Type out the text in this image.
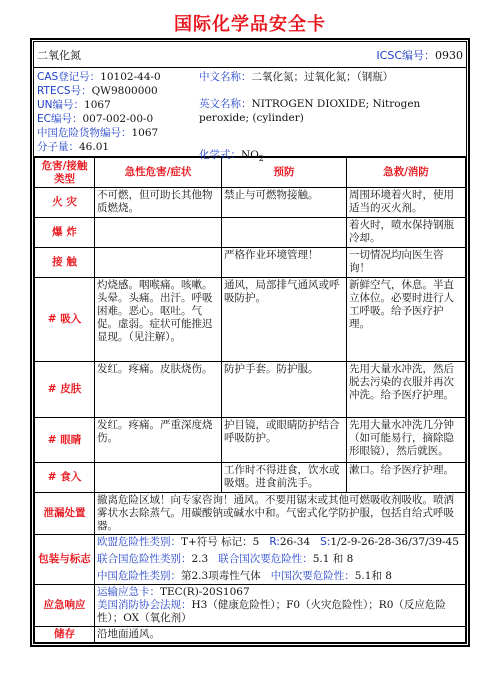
国际化学品安全卡
二氧化氮	ICSC编号：0930
CAS登记号：10102-44-0
RTECS号：QW9800000
UN编号：1067
EC编号：007-002-00-0
中国危险货物编号：1067
分子量：46.01
中文名称：二氧化氮；过氧化氮；（钢瓶）
英文名称：NITROGEN DIOXIDE; Nitrogen peroxide; (cylinder)
化学式：$NO_2$
危害/接触类型	急性危害/症状	预防	急救/消防
火 灾	不可燃，但可助长其他物质燃烧。	禁止与可燃物接触。	周围环境着火时，使用适当的灭火剂。
爆 炸			着火时，喷水保持钢瓶冷却。
接 触		严格作业环境管理！	一切情况均向医生咨询！
# 吸入	灼烧感。咽喉痛。咳嗽。头晕。头痛。出汗。呼吸困难。恶心。呕吐。气促。虚弱。症状可能推迟显现。（见注解）。	通风，局部排气通风或呼吸防护。	新鲜空气，休息。半直立体位。必要时进行人工呼吸。给予医疗护理。
# 皮肤	发红。疼痛。皮肤烧伤。	防护手套。防护服。	先用大量水冲洗，然后脱去污染的衣服并再次冲洗。给予医疗护理。
# 眼睛	发红。疼痛。严重深度烧伤。	护目镜，或眼睛防护结合呼吸防护。	先用大量水冲洗几分钟（如可能易行，摘除隐形眼镜），然后就医。
# 食入		工作时不得进食，饮水或吸烟。进食前洗手。	漱口。给予医疗护理。
泄漏处置	撤离危险区域！向专家咨询！通风。不要用锯末或其他可燃吸收剂吸收。喷洒雾状水去除蒸气。用碳酸钠或碱水中和。气密式化学防护服，包括自给式呼吸器。		
包装与标志	欧盟危险性类别：T+符号 标记：5 R:26-34 S:1/2-9-26-28-36/37/39-45
联合国危险性类别：2.3 联合国次要危险性：5.1 和 8
中国危险性类别：第2.3项毒性气体 中国次要危险性：5.1和 8		

应急响应	运输应急卡：TEC(R)-20S1067
美国消防协会法规：H3（健康危险性）；F0（火灾危险性）；R0（反应危险性）；OX（氧化剂）		

储存	沿地面通风。		
